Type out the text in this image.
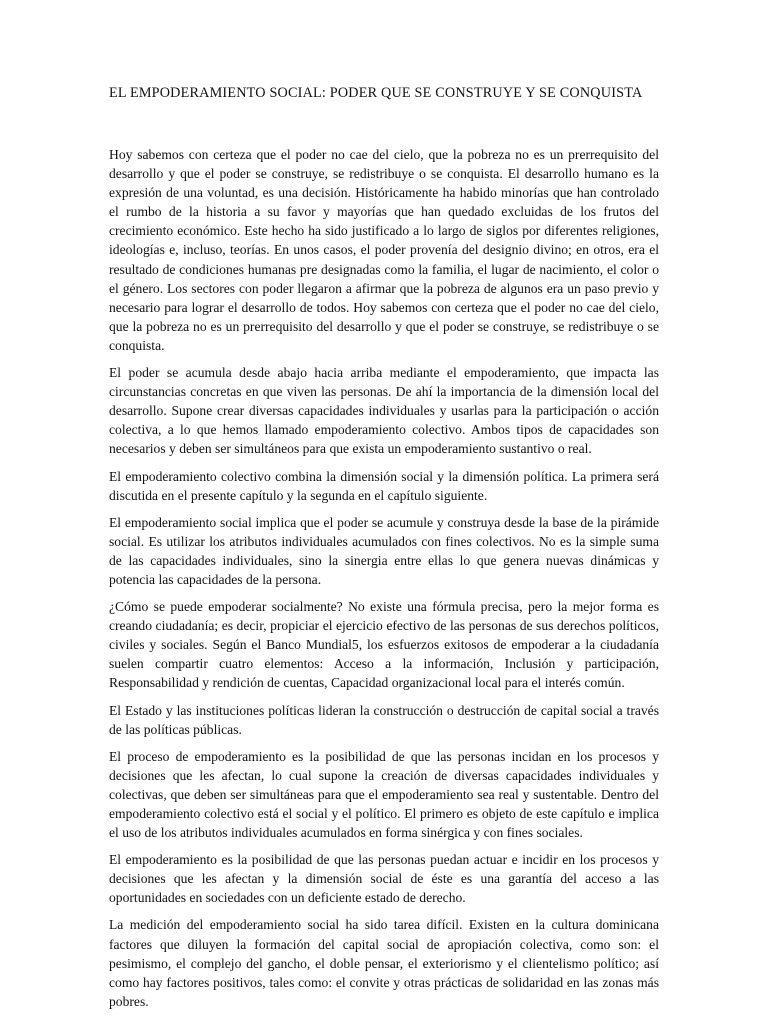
EL EMPODERAMIENTO SOCIAL: PODER QUE SE CONSTRUYE Y SE CONQUISTA

Hoy sabemos con certeza que el poder no cae del cielo, que la pobreza no es un prerrequisito del desarrollo y que el poder se construye, se redistribuye o se conquista. El desarrollo humano es la expresión de una voluntad, es una decisión. Históricamente ha habido minorías que han controlado el rumbo de la historia a su favor y mayorías que han quedado excluidas de los frutos del crecimiento económico. Este hecho ha sido justificado a lo largo de siglos por diferentes religiones, ideologías e, incluso, teorías. En unos casos, el poder provenía del designio divino; en otros, era el resultado de condiciones humanas pre designadas como la familia, el lugar de nacimiento, el color o el género. Los sectores con poder llegaron a afirmar que la pobreza de algunos era un paso previo y necesario para lograr el desarrollo de todos. Hoy sabemos con certeza que el poder no cae del cielo, que la pobreza no es un prerrequisito del desarrollo y que el poder se construye, se redistribuye o se conquista.

El poder se acumula desde abajo hacia arriba mediante el empoderamiento, que impacta las circunstancias concretas en que viven las personas. De ahí la importancia de la dimensión local del desarrollo. Supone crear diversas capacidades individuales y usarlas para la participación o acción colectiva, a lo que hemos llamado empoderamiento colectivo. Ambos tipos de capacidades son necesarios y deben ser simultáneos para que exista un empoderamiento sustantivo o real.

El empoderamiento colectivo combina la dimensión social y la dimensión política. La primera será discutida en el presente capítulo y la segunda en el capítulo siguiente.

El empoderamiento social implica que el poder se acumule y construya desde la base de la pirámide social. Es utilizar los atributos individuales acumulados con fines colectivos. No es la simple suma de las capacidades individuales, sino la sinergia entre ellas lo que genera nuevas dinámicas y potencia las capacidades de la persona.

¿Cómo se puede empoderar socialmente? No existe una fórmula precisa, pero la mejor forma es creando ciudadanía; es decir, propiciar el ejercicio efectivo de las personas de sus derechos políticos, civiles y sociales. Según el Banco Mundial5, los esfuerzos exitosos de empoderar a la ciudadanía suelen compartir cuatro elementos: Acceso a la información, Inclusión y participación, Responsabilidad y rendición de cuentas, Capacidad organizacional local para el interés común.

El Estado y las instituciones políticas lideran la construcción o destrucción de capital social a través de las políticas públicas.

El proceso de empoderamiento es la posibilidad de que las personas incidan en los procesos y decisiones que les afectan, lo cual supone la creación de diversas capacidades individuales y colectivas, que deben ser simultáneas para que el empoderamiento sea real y sustentable. Dentro del empoderamiento colectivo está el social y el político. El primero es objeto de este capítulo e implica el uso de los atributos individuales acumulados en forma sinérgica y con fines sociales.

El empoderamiento es la posibilidad de que las personas puedan actuar e incidir en los procesos y decisiones que les afectan y la dimensión social de éste es una garantía del acceso a las oportunidades en sociedades con un deficiente estado de derecho.

La medición del empoderamiento social ha sido tarea difícil. Existen en la cultura dominicana factores que diluyen la formación del capital social de apropiación colectiva, como son: el pesimismo, el complejo del gancho, el doble pensar, el exteriorismo y el clientelismo político; así como hay factores positivos, tales como: el convite y otras prácticas de solidaridad en las zonas más pobres.
